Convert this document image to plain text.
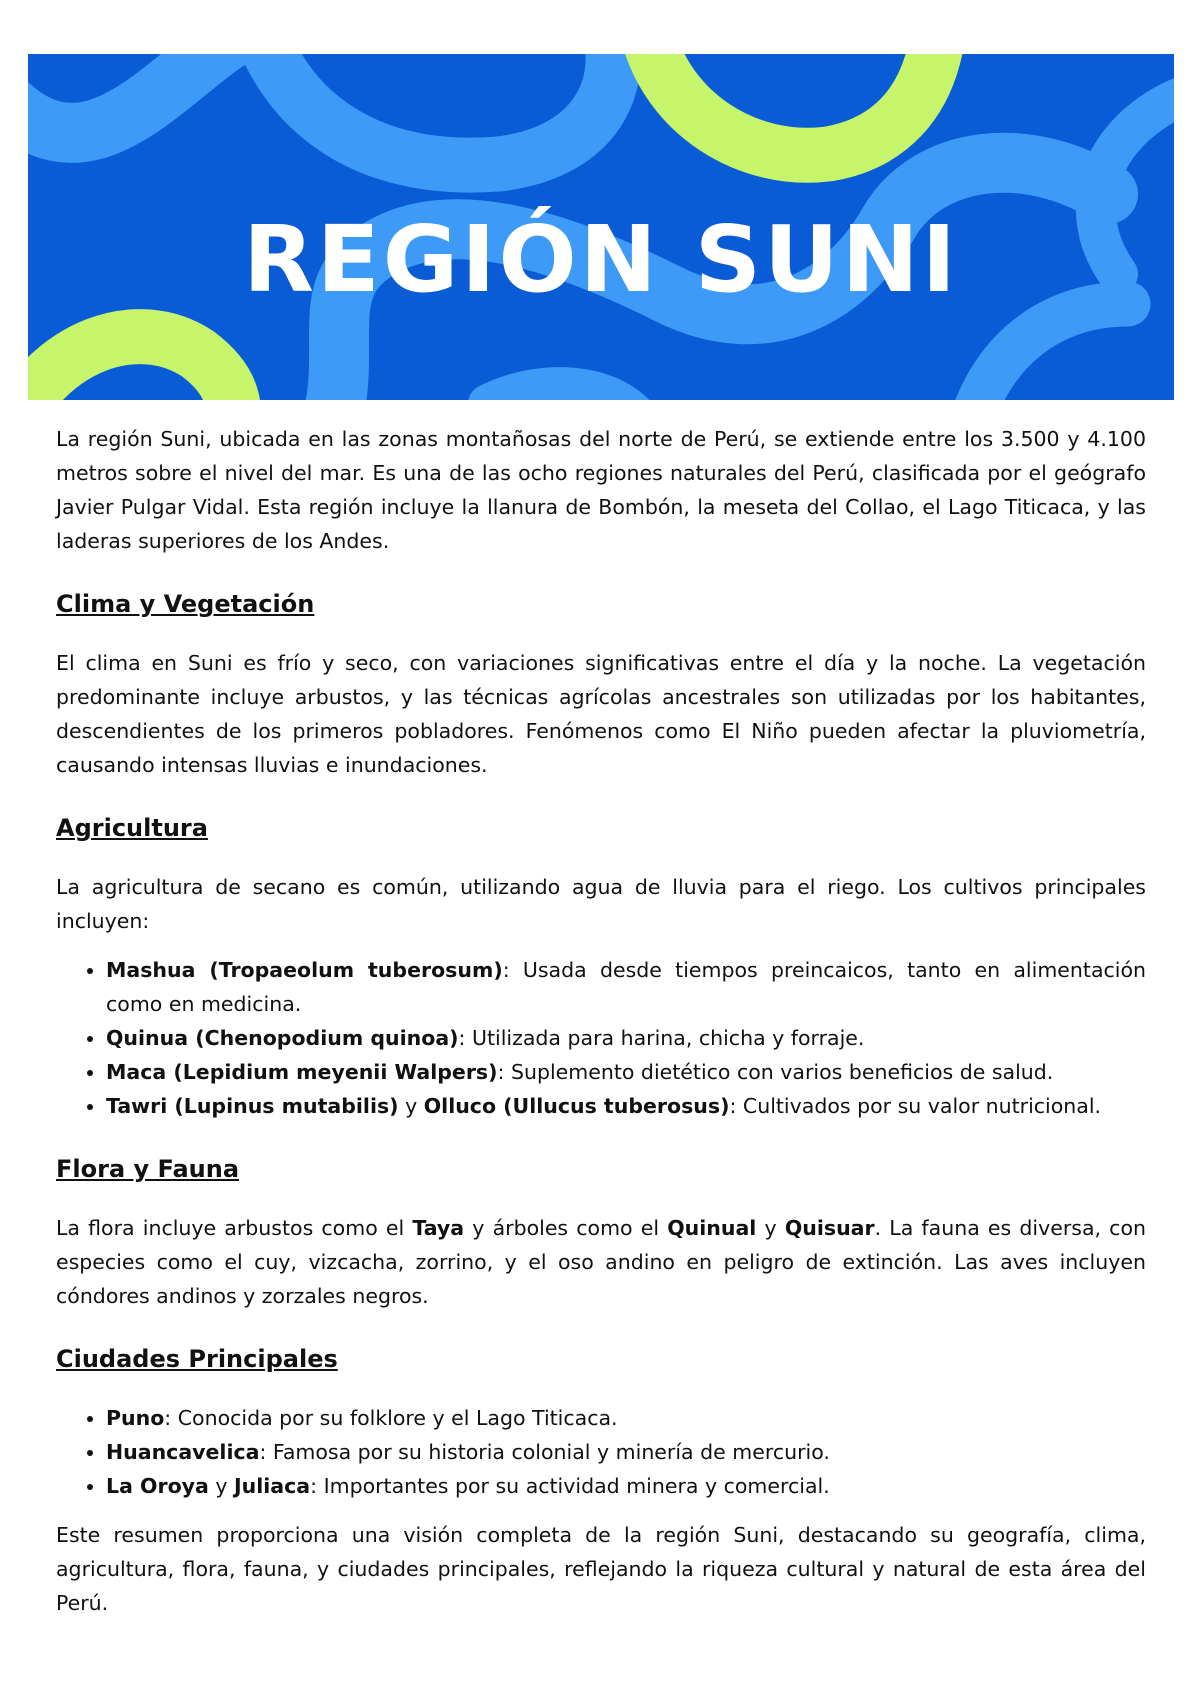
REGIÓN SUNI

La región Suni, ubicada en las zonas montañosas del norte de Perú, se extiende entre los 3.500 y 4.100 metros sobre el nivel del mar. Es una de las ocho regiones naturales del Perú, clasificada por el geógrafo Javier Pulgar Vidal. Esta región incluye la llanura de Bombón, la meseta del Collao, el Lago Titicaca, y las laderas superiores de los Andes.

Clima y Vegetación

El clima en Suni es frío y seco, con variaciones significativas entre el día y la noche. La vegetación predominante incluye arbustos, y las técnicas agrícolas ancestrales son utilizadas por los habitantes, descendientes de los primeros pobladores. Fenómenos como El Niño pueden afectar la pluviometría, causando intensas lluvias e inundaciones.

Agricultura

La agricultura de secano es común, utilizando agua de lluvia para el riego. Los cultivos principales incluyen:

• Mashua (Tropaeolum tuberosum): Usada desde tiempos preincaicos, tanto en alimentación como en medicina.
• Quinua (Chenopodium quinoa): Utilizada para harina, chicha y forraje.
• Maca (Lepidium meyenii Walpers): Suplemento dietético con varios beneficios de salud.
• Tawri (Lupinus mutabilis) y Olluco (Ullucus tuberosus): Cultivados por su valor nutricional.
Flora y Fauna

La flora incluye arbustos como el Taya y árboles como el Quinual y Quisuar. La fauna es diversa, con especies como el cuy, vizcacha, zorrino, y el oso andino en peligro de extinción. Las aves incluyen cóndores andinos y zorzales negros.

Ciudades Principales
• Puno: Conocida por su folklore y el Lago Titicaca.
• Huancavelica: Famosa por su historia colonial y minería de mercurio.
• La Oroya y Juliaca: Importantes por su actividad minera y comercial.

Este resumen proporciona una visión completa de la región Suni, destacando su geografía, clima, agricultura, flora, fauna, y ciudades principales, reflejando la riqueza cultural y natural de esta área del Perú.
